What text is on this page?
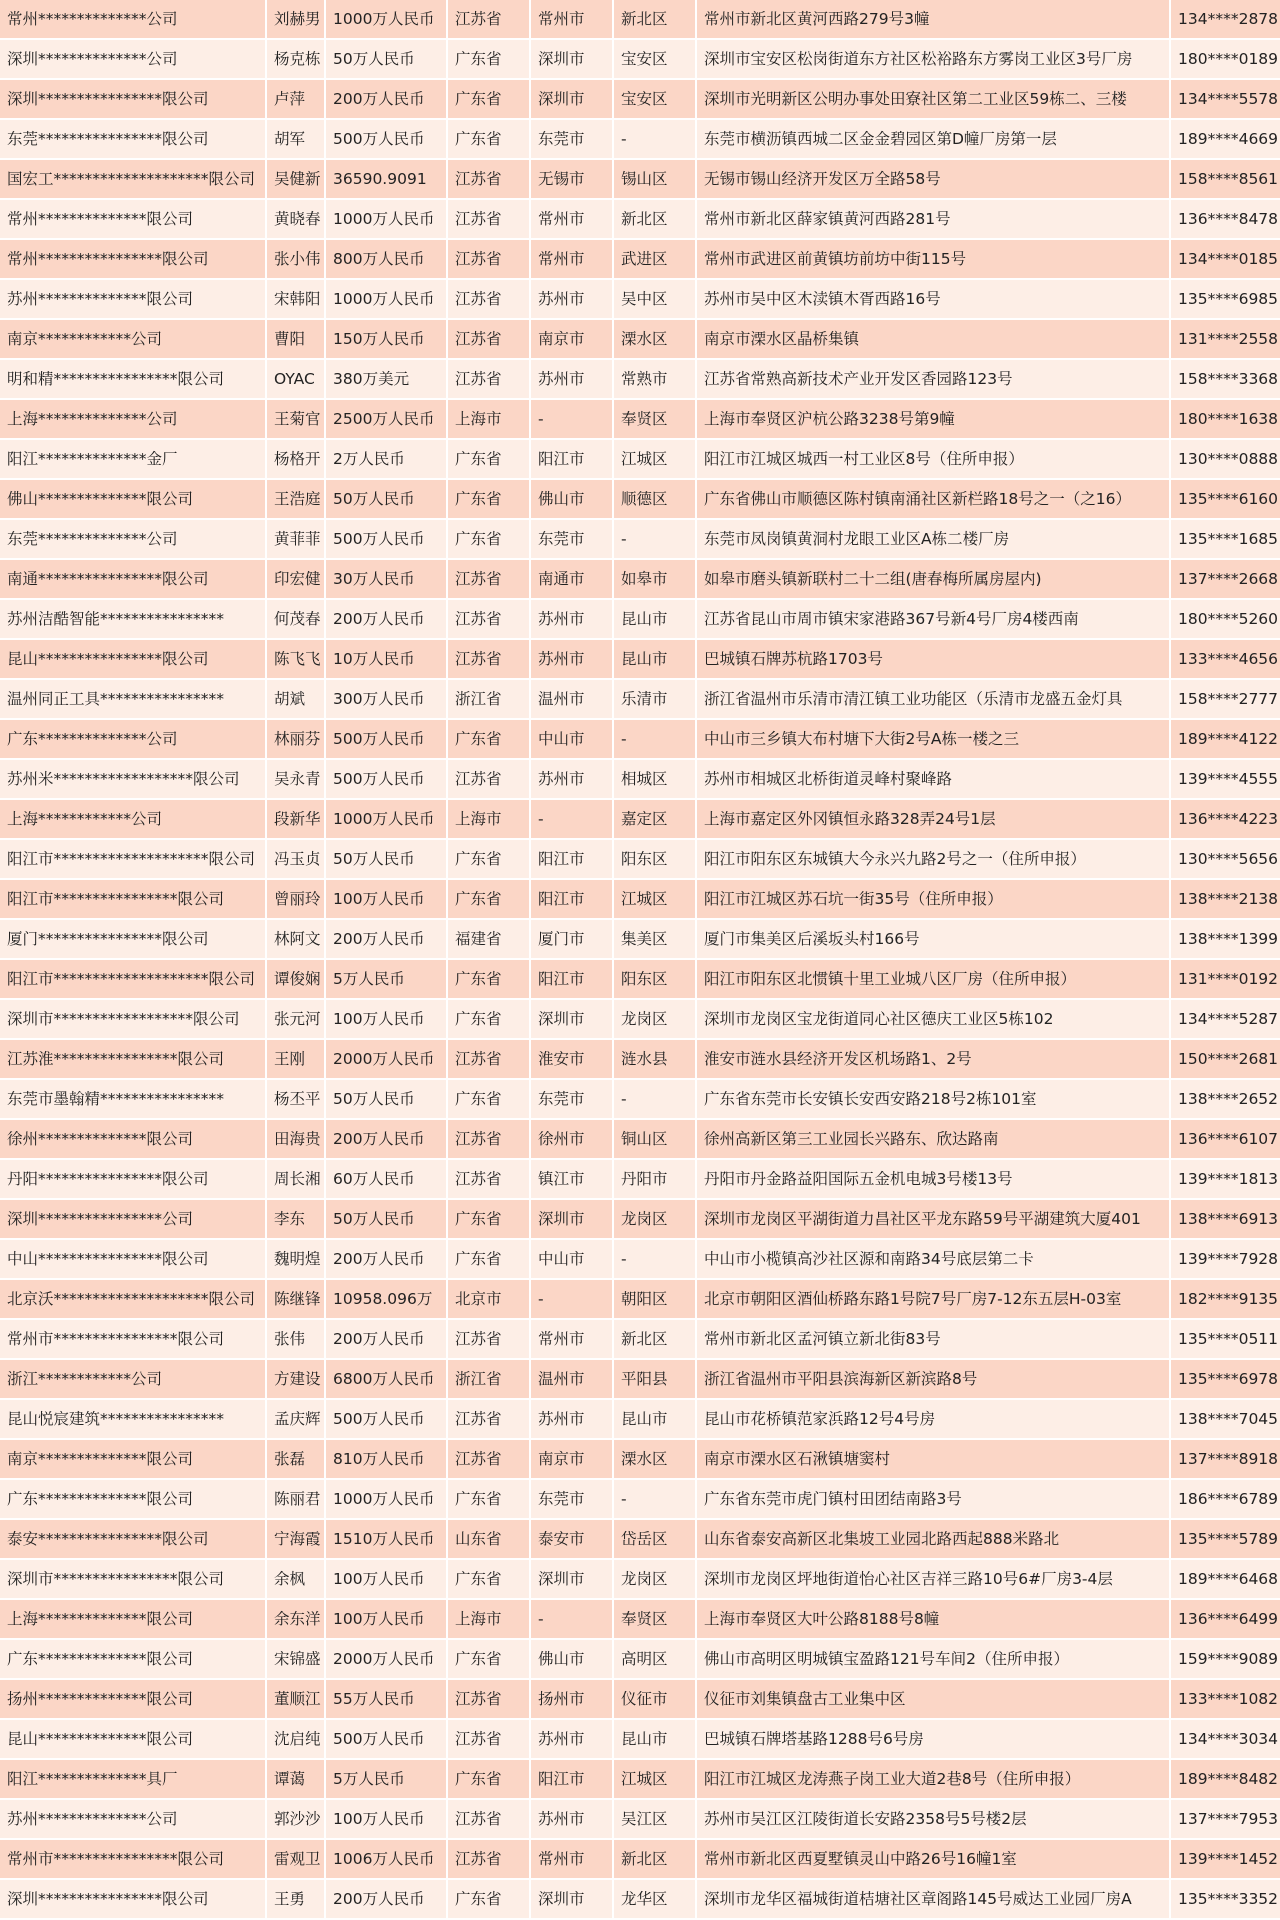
常州**************公司	刘赫男 1000万人民币	江苏省	常州市	新北区	常州市新北区黄河西路279号3幢	134****2878
深圳**************公司	杨克栋 50万人民币	广东省	深圳市	宝安区	深圳市宝安区松岗街道东方社区松裕路东方雾岗工业区3号厂房	180****0189
深圳****************限公司	卢萍	200万人民币	广东省	深圳市	宝安区	深圳市光明新区公明办事处田寮社区第二工业区59栋二、三楼	134****5578
东莞****************限公司	胡军	500万人民币	广东省	东莞市	-	东莞市横沥镇西城二区金金碧园区第D幢厂房第一层	189****4669
国宏工********************限公司	吴健新 36590.9091	江苏省	无锡市	锡山区	无锡市锡山经济开发区万全路58号	158****8561
常州**************限公司	黄晓春 1000万人民币	江苏省	常州市	新北区	常州市新北区薛家镇黄河西路281号	136****8478
常州****************限公司	张小伟 800万人民币	江苏省	常州市	武进区	常州市武进区前黄镇坊前坊中街115号	134****0185
苏州**************限公司	宋韩阳 1000万人民币	江苏省	苏州市	吴中区	苏州市吴中区木渎镇木胥西路16号	135****6985
南京************公司	曹阳	150万人民币	江苏省	南京市	溧水区	南京市溧水区晶桥集镇	131****2558
明和精****************限公司	OYAC	380万美元	江苏省	苏州市	常熟市	江苏省常熟高新技术产业开发区香园路123号	158****3368
上海**************公司	王菊官 2500万人民币	上海市	-	奉贤区	上海市奉贤区沪杭公路3238号第9幢	180****1638
阳江**************金厂	杨格开 2万人民币	广东省	阳江市	江城区	阳江市江城区城西一村工业区8号（住所申报）	130****0888
佛山**************限公司	王浩庭 50万人民币	广东省	佛山市	顺德区	广东省佛山市顺德区陈村镇南涌社区新栏路18号之一（之16）	135****6160
东莞**************公司	黄菲菲 500万人民币	广东省	东莞市	-	东莞市凤岗镇黄洞村龙眼工业区A栋二楼厂房	135****1685
南通****************限公司	印宏健 30万人民币	江苏省	南通市	如皋市	如皋市磨头镇新联村二十二组(唐春梅所属房屋内)	137****2668
苏州洁酷智能****************	何茂春 200万人民币	江苏省	苏州市	昆山市	江苏省昆山市周市镇宋家港路367号新4号厂房4楼西南	180****5260
昆山****************限公司	陈飞飞 10万人民币	江苏省	苏州市	昆山市	巴城镇石牌苏杭路1703号	133****4656
温州同正工具****************	胡斌	300万人民币	浙江省	温州市	乐清市	浙江省温州市乐清市清江镇工业功能区（乐清市龙盛五金灯具	158****2777
广东**************公司	林丽芬 500万人民币	广东省	中山市	-	中山市三乡镇大布村塘下大街2号A栋一楼之三	189****4122
苏州米******************限公司	吴永青 500万人民币	江苏省	苏州市	相城区	苏州市相城区北桥街道灵峰村聚峰路	139****4555
上海************公司	段新华 1000万人民币	上海市	-	嘉定区	上海市嘉定区外冈镇恒永路328弄24号1层	136****4223
阳江市********************限公司	冯玉贞 50万人民币	广东省	阳江市	阳东区	阳江市阳东区东城镇大今永兴九路2号之一（住所申报）	130****5656
阳江市****************限公司	曾丽玲 100万人民币	广东省	阳江市	江城区	阳江市江城区苏石坑一街35号（住所申报）	138****2138
厦门****************限公司	林阿文 200万人民币	福建省	厦门市	集美区	厦门市集美区后溪坂头村166号	138****1399
阳江市********************限公司	谭俊娴 5万人民币	广东省	阳江市	阳东区	阳江市阳东区北惯镇十里工业城八区厂房（住所申报）	131****0192
深圳市******************限公司	张元河 100万人民币	广东省	深圳市	龙岗区	深圳市龙岗区宝龙街道同心社区德庆工业区5栋102	134****5287
江苏淮****************限公司	王刚	2000万人民币	江苏省	淮安市	涟水县	淮安市涟水县经济开发区机场路1、2号	150****2681
东莞市墨翰精****************	杨丕平 50万人民币	广东省	东莞市	-	广东省东莞市长安镇长安西安路218号2栋101室	138****2652
徐州**************限公司	田海贵 200万人民币	江苏省	徐州市	铜山区	徐州高新区第三工业园长兴路东、欣达路南	136****6107
丹阳****************限公司	周长湘 60万人民币	江苏省	镇江市	丹阳市	丹阳市丹金路益阳国际五金机电城3号楼13号	139****1813
深圳****************公司	李东	50万人民币	广东省	深圳市	龙岗区	深圳市龙岗区平湖街道力昌社区平龙东路59号平湖建筑大厦401	138****6913
中山****************限公司	魏明煌 200万人民币	广东省	中山市	-	中山市小榄镇高沙社区源和南路34号底层第二卡	139****7928
北京沃********************限公司	陈继锋 10958.096万	北京市	-	朝阳区	北京市朝阳区酒仙桥路东路1号院7号厂房7-12东五层H-03室	182****9135
常州市****************限公司	张伟	200万人民币	江苏省	常州市	新北区	常州市新北区孟河镇立新北街83号	135****0511
浙江************公司	方建设 6800万人民币	浙江省	温州市	平阳县	浙江省温州市平阳县滨海新区新滨路8号	135****6978
昆山悦宸建筑****************	孟庆辉 500万人民币	江苏省	苏州市	昆山市	昆山市花桥镇范家浜路12号4号房	138****7045
南京**************限公司	张磊	810万人民币	江苏省	南京市	溧水区	南京市溧水区石湫镇塘窦村	137****8918
广东**************限公司	陈丽君 1000万人民币	广东省	东莞市	-	广东省东莞市虎门镇村田团结南路3号	186****6789
泰安****************限公司	宁海霞 1510万人民币	山东省	泰安市	岱岳区	山东省泰安高新区北集坡工业园北路西起888米路北	135****5789
深圳市****************限公司	余枫	100万人民币	广东省	深圳市	龙岗区	深圳市龙岗区坪地街道怡心社区吉祥三路10号6#厂房3-4层	189****6468
上海**************限公司	余东洋 100万人民币	上海市	-	奉贤区	上海市奉贤区大叶公路8188号8幢	136****6499
广东**************限公司	宋锦盛 2000万人民币	广东省	佛山市	高明区	佛山市高明区明城镇宝盈路121号车间2（住所申报）	159****9089
扬州**************限公司	董顺江 55万人民币	江苏省	扬州市	仪征市	仪征市刘集镇盘古工业集中区	133****1082
昆山**************限公司	沈启纯 500万人民币	江苏省	苏州市	昆山市	巴城镇石牌塔基路1288号6号房	134****3034
阳江**************具厂	谭蔼	5万人民币	广东省	阳江市	江城区	阳江市江城区龙涛燕子岗工业大道2巷8号（住所申报）	189****8482
苏州**************公司	郭沙沙 100万人民币	江苏省	苏州市	吴江区	苏州市吴江区江陵街道长安路2358号5号楼2层	137****7953
常州市****************限公司	雷观卫 1006万人民币	江苏省	常州市	新北区	常州市新北区西夏墅镇灵山中路26号16幢1室	139****1452
深圳****************限公司	王勇	200万人民币	广东省	深圳市	龙华区	深圳市龙华区福城街道桔塘社区章阁路145号威达工业园厂房A	135****3352
